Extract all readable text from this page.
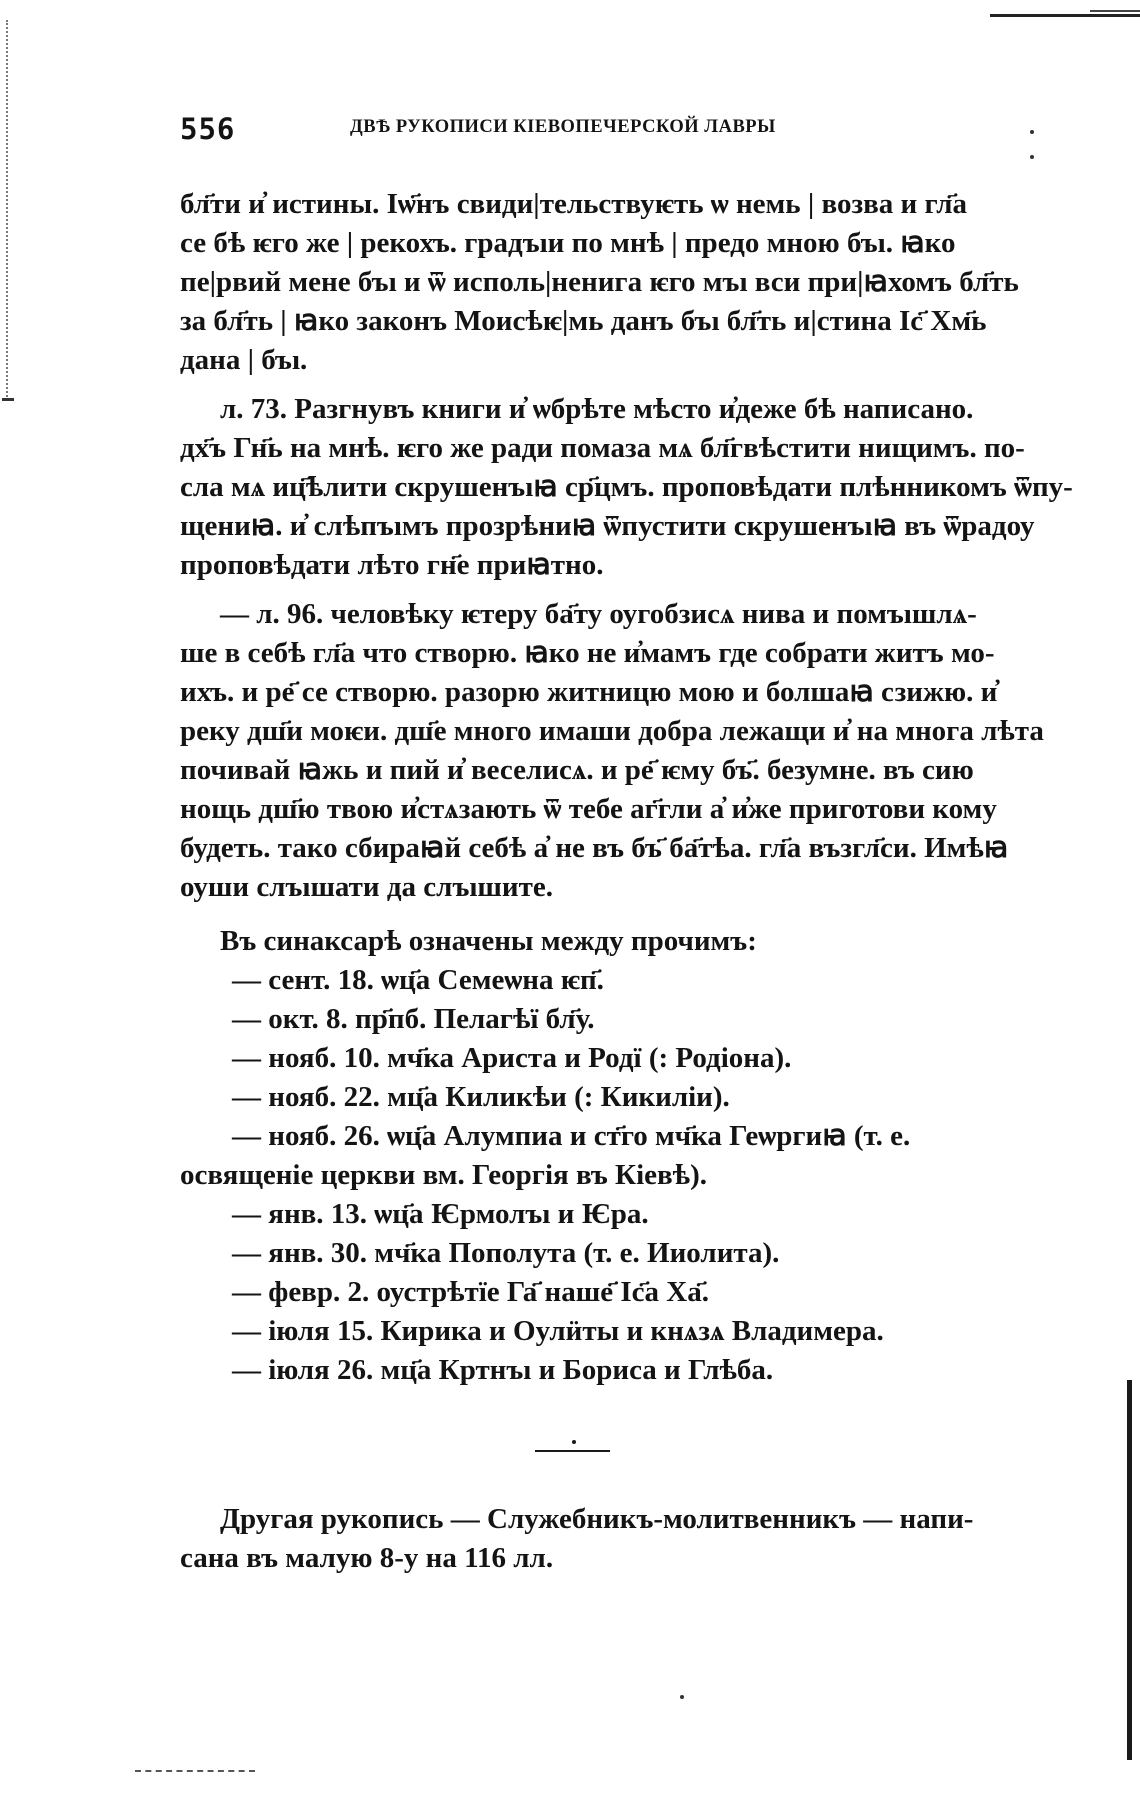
556	ДВѢ РУКОПИСИ КІЕВОПЕЧЕРСКОЙ ЛАВРЫ
бл҃ти и҆ истины. Іѡ҃нъ свиди|тельствуѥть ѡ немь | возва и гл҃а
се бѣ ѥго же | рекохъ. градъıи по мнѣ | предо мною бъı. ꙗко
пе|рвий мене бъı и ѿ исполь|ненига ѥго мъı вси при|ꙗхомъ бл҃ть
за бл҃ть | ꙗко законъ Моисѣѥ|мь данъ бъı бл҃ть и|стина Іс҃ Хм҃ь
дана | бъı.
л. 73. Разгнувъ книги и҆ ѡбрѣте мѣсто и҆деже бѣ написано.
дх҃ъ Гн҃ь на мнѣ. ѥго же ради помаза мѧ бл҃гвѣстити нищимъ. по-
сла мѧ иц҃ѣлити скрушенъıꙗ ср҃цмъ. проповѣдати плѣнникомъ ѿпу-
щениꙗ. и҆ слѣпъıмъ прозрѣниꙗ ѿпустити скрушенъıꙗ въ ѿрадоу
проповѣдати лѣто гн҃е приꙗтно.
— л. 96. человѣку ѥтеру ба҃ту оугобзисѧ нива и помъıшлѧ-
ше в себѣ гл҃а что створю. ꙗко не и҆мамъ где собрати житъ мо-
ихъ. и ре҃ се створю. разорю житницю мою и болшаꙗ сзижю. и҆
реку дш҃и моѥи. дш҃е много имаши добра лежащи и҆ на многа лѣта
почивай ꙗжь и пий и҆ веселисѧ. и ре҃ ѥму бъ҃. безумне. въ сию
нощь дш҃ю твою и҆стѧзають ѿ тебе аг҃гли а҆ и҆же приготови кому
будеть. тако сбираꙗй себѣ а҆ не въ бъ҃ ба҃тѣа. гл҃а възгл҃си. Имѣꙗ
оуши слъıшати да слъıшите.
Въ синаксарѣ означены между прочимъ:
— сент. 18. ѡц҃а Семеѡна ѥп҃.
— окт. 8. пр҃пб. Пелагѣї бл҃у.
— нояб. 10. мч҃ка Ариста и Родї (: Родіона).
— нояб. 22. мц҃а Киликѣи (: Кикиліи).
— нояб. 26. ѡц҃а Алумпиа и ст҃го мч҃ка Геѡргиꙗ (т. е.
освященіе церкви вм. Георгія въ Кіевѣ).
— янв. 13. ѡц҃а Ѥрмолъı и Ѥра.
— янв. 30. мч҃ка Пополута (т. е. Ииолита).
— февр. 2. оустрѣтїе Га҃ наше҃ Іс҃а Ха҃.
— іюля 15. Кирика и Оулӥты и кнѧзѧ Владимера.
— іюля 26. мц҃а Кртнъı и Бориса и Глѣба.
Другая рукопись — Служебникъ-молитвенникъ — напи-
сана въ малую 8-у на 116 лл.
